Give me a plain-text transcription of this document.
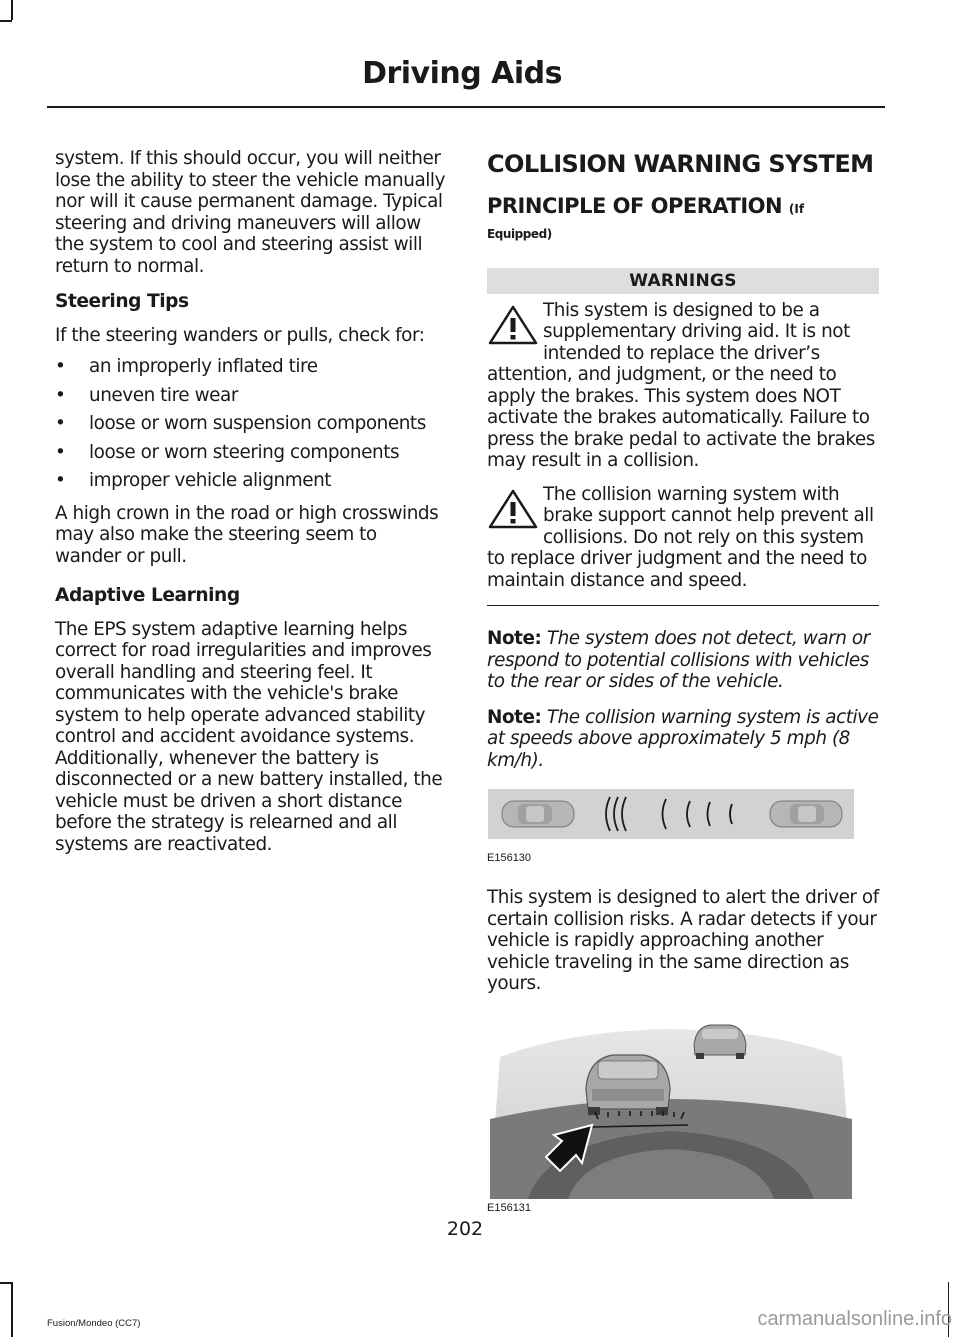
Driving Aids

system. If this should occur, you will neither lose the ability to steer the vehicle manually nor will it cause permanent damage. Typical steering and driving maneuvers will allow the system to cool and steering assist will return to normal.

Steering Tips

If the steering wanders or pulls, check for:

•	an improperly inflated tire
•	uneven tire wear
•	loose or worn suspension components
•	loose or worn steering components
•	improper vehicle alignment

A high crown in the road or high crosswinds may also make the steering seem to wander or pull.

Adaptive Learning

The EPS system adaptive learning helps correct for road irregularities and improves overall handling and steering feel. It communicates with the vehicle's brake system to help operate advanced stability control and accident avoidance systems. Additionally, whenever the battery is disconnected or a new battery installed, the vehicle must be driven a short distance before the strategy is relearned and all systems are reactivated.

COLLISION WARNING SYSTEM
PRINCIPLE OF OPERATION (If
Equipped)
WARNINGS
This system is designed to be a supplementary driving aid. It is not intended to replace the driver’s attention, and judgment, or the need to apply the brakes. This system does NOT activate the brakes automatically. Failure to press the brake pedal to activate the brakes may result in a collision.
The collision warning system with brake support cannot help prevent all collisions. Do not rely on this system to replace driver judgment and the need to maintain distance and speed.

Note: The system does not detect, warn or respond to potential collisions with vehicles to the rear or sides of the vehicle.

Note: The collision warning system is active at speeds above approximately 5 mph (8 km/h).

E156130

This system is designed to alert the driver of certain collision risks. A radar detects if your vehicle is rapidly approaching another vehicle traveling in the same direction as yours.

E156131
202
Fusion/Mondeo (CC7)	carmanualsonline.info
